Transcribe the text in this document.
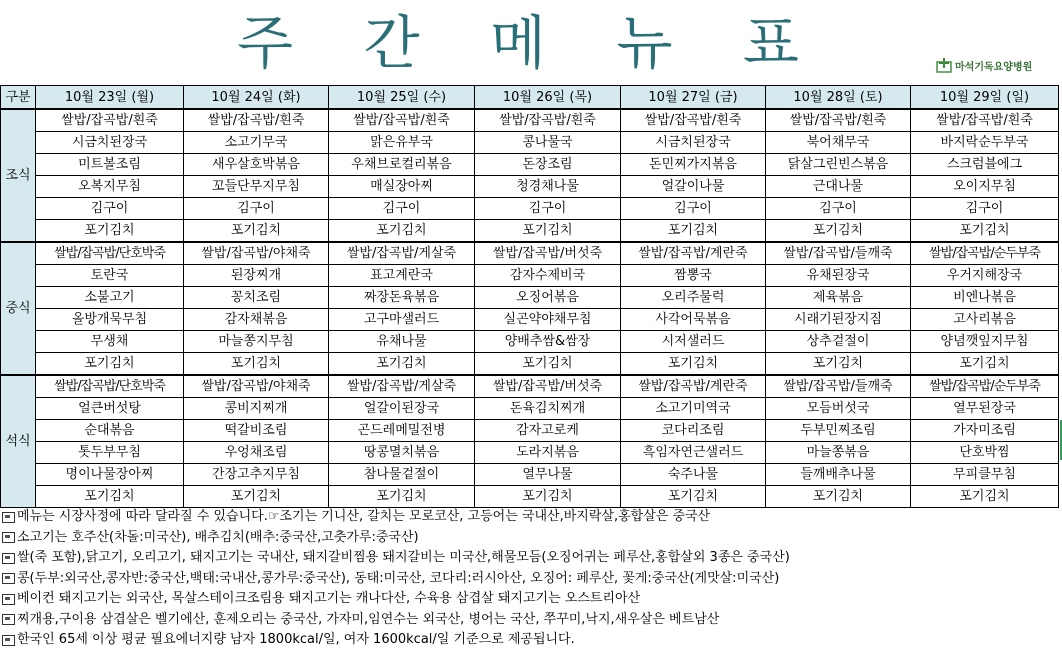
주 간 메 뉴 표	마석기독요양병원
구분	10월 23일 (월)	10월 24일 (화)	10월 25일 (수)	10월 26일 (목)	10월 27일 (금)	10월 28일 (토)	10월 29일 (일)
조식	쌀밥/잡곡밥/흰죽	쌀밥/잡곡밥/흰죽	쌀밥/잡곡밥/흰죽	쌀밥/잡곡밥/흰죽	쌀밥/잡곡밥/흰죽	쌀밥/잡곡밥/흰죽	쌀밥/잡곡밥/흰죽
	시금치된장국	소고기무국	맑은유부국	콩나물국	시금치된장국	북어채무국	바지락순두부국
	미트볼조림	새우살호박볶음	우채브로컬리볶음	돈장조림	돈민찌가지볶음	닭살그린빈스볶음	스크럼블에그
	오복지무침	꼬들단무지무침	매실장아찌	청경채나물	얼갈이나물	근대나물	오이지무침
	김구이	김구이	김구이	김구이	김구이	김구이	김구이
	포기김치	포기김치	포기김치	포기김치	포기김치	포기김치	포기김치
중식	쌀밥/잡곡밥/단호박죽	쌀밥/잡곡밥/야채죽	쌀밥/잡곡밥/게살죽	쌀밥/잡곡밥/버섯죽	쌀밥/잡곡밥/계란죽	쌀밥/잡곡밥/들깨죽	쌀밥/잡곡밥/순두부죽
	토란국	된장찌개	표고계란국	감자수제비국	짬뽕국	유채된장국	우거지해장국
	소불고기	꽁치조림	짜장돈육볶음	오징어볶음	오리주물럭	제육볶음	비엔나볶음
	올방개묵무침	감자채볶음	고구마샐러드	실곤약야채무침	사각어묵볶음	시래기된장지짐	고사리볶음
	무생채	마늘쫑지무침	유채나물	양배추쌈&쌈장	시저샐러드	상추겉절이	양념깻잎지무침
	포기김치	포기김치	포기김치	포기김치	포기김치	포기김치	포기김치
석식	쌀밥/잡곡밥/단호박죽	쌀밥/잡곡밥/야채죽	쌀밥/잡곡밥/게살죽	쌀밥/잡곡밥/버섯죽	쌀밥/잡곡밥/계란죽	쌀밥/잡곡밥/들깨죽	쌀밥/잡곡밥/순두부죽
	얼큰버섯탕	콩비지찌개	얼갈이된장국	돈육김치찌개	소고기미역국	모듬버섯국	열무된장국
	순대볶음	떡갈비조림	곤드레메밀전병	감자고로케	코다리조림	두부민찌조림	가자미조림
	톳두부무침	우엉채조림	땅콩멸치볶음	도라지볶음	흑임자연근샐러드	마늘쫑볶음	단호박찜
	명이나물장아찌	간장고추지무침	참나물겉절이	열무나물	숙주나물	들깨배추나물	무피클무침
	포기김치	포기김치	포기김치	포기김치	포기김치	포기김치	포기김치
메뉴는 시장사정에 따라 달라질 수 있습니다.☞조기는 기니산, 갈치는 모로코산, 고등어는 국내산,바지락살,홍합살은 중국산
소고기는 호주산(차돌:미국산), 배추김치(배추:중국산,고춧가루:중국산)
쌀(죽 포함),닭고기, 오리고기, 돼지고기는 국내산, 돼지갈비찜용 돼지갈비는 미국산,해물모듬(오징어귀는 페루산,홍합살외 3종은 중국산)
콩(두부:외국산,콩자반:중국산,백태:국내산,콩가루:중국산), 동태:미국산, 코다리:러시아산, 오징어: 페루산, 꽃게:중국산(게맛살:미국산)
베이컨 돼지고기는 외국산, 목살스테이크조림용 돼지고기는 캐나다산, 수육용 삼겹살 돼지고기는 오스트리아산
찌개용,구이용 삼겹살은 벨기에산, 훈제오리는 중국산, 가자미,임연수는 외국산, 병어는 국산, 쭈꾸미,낙지,새우살은 베트남산
한국인 65세 이상 평균 필요에너지량 남자 1800kcal/일, 여자 1600kcal/일 기준으로 제공됩니다.
